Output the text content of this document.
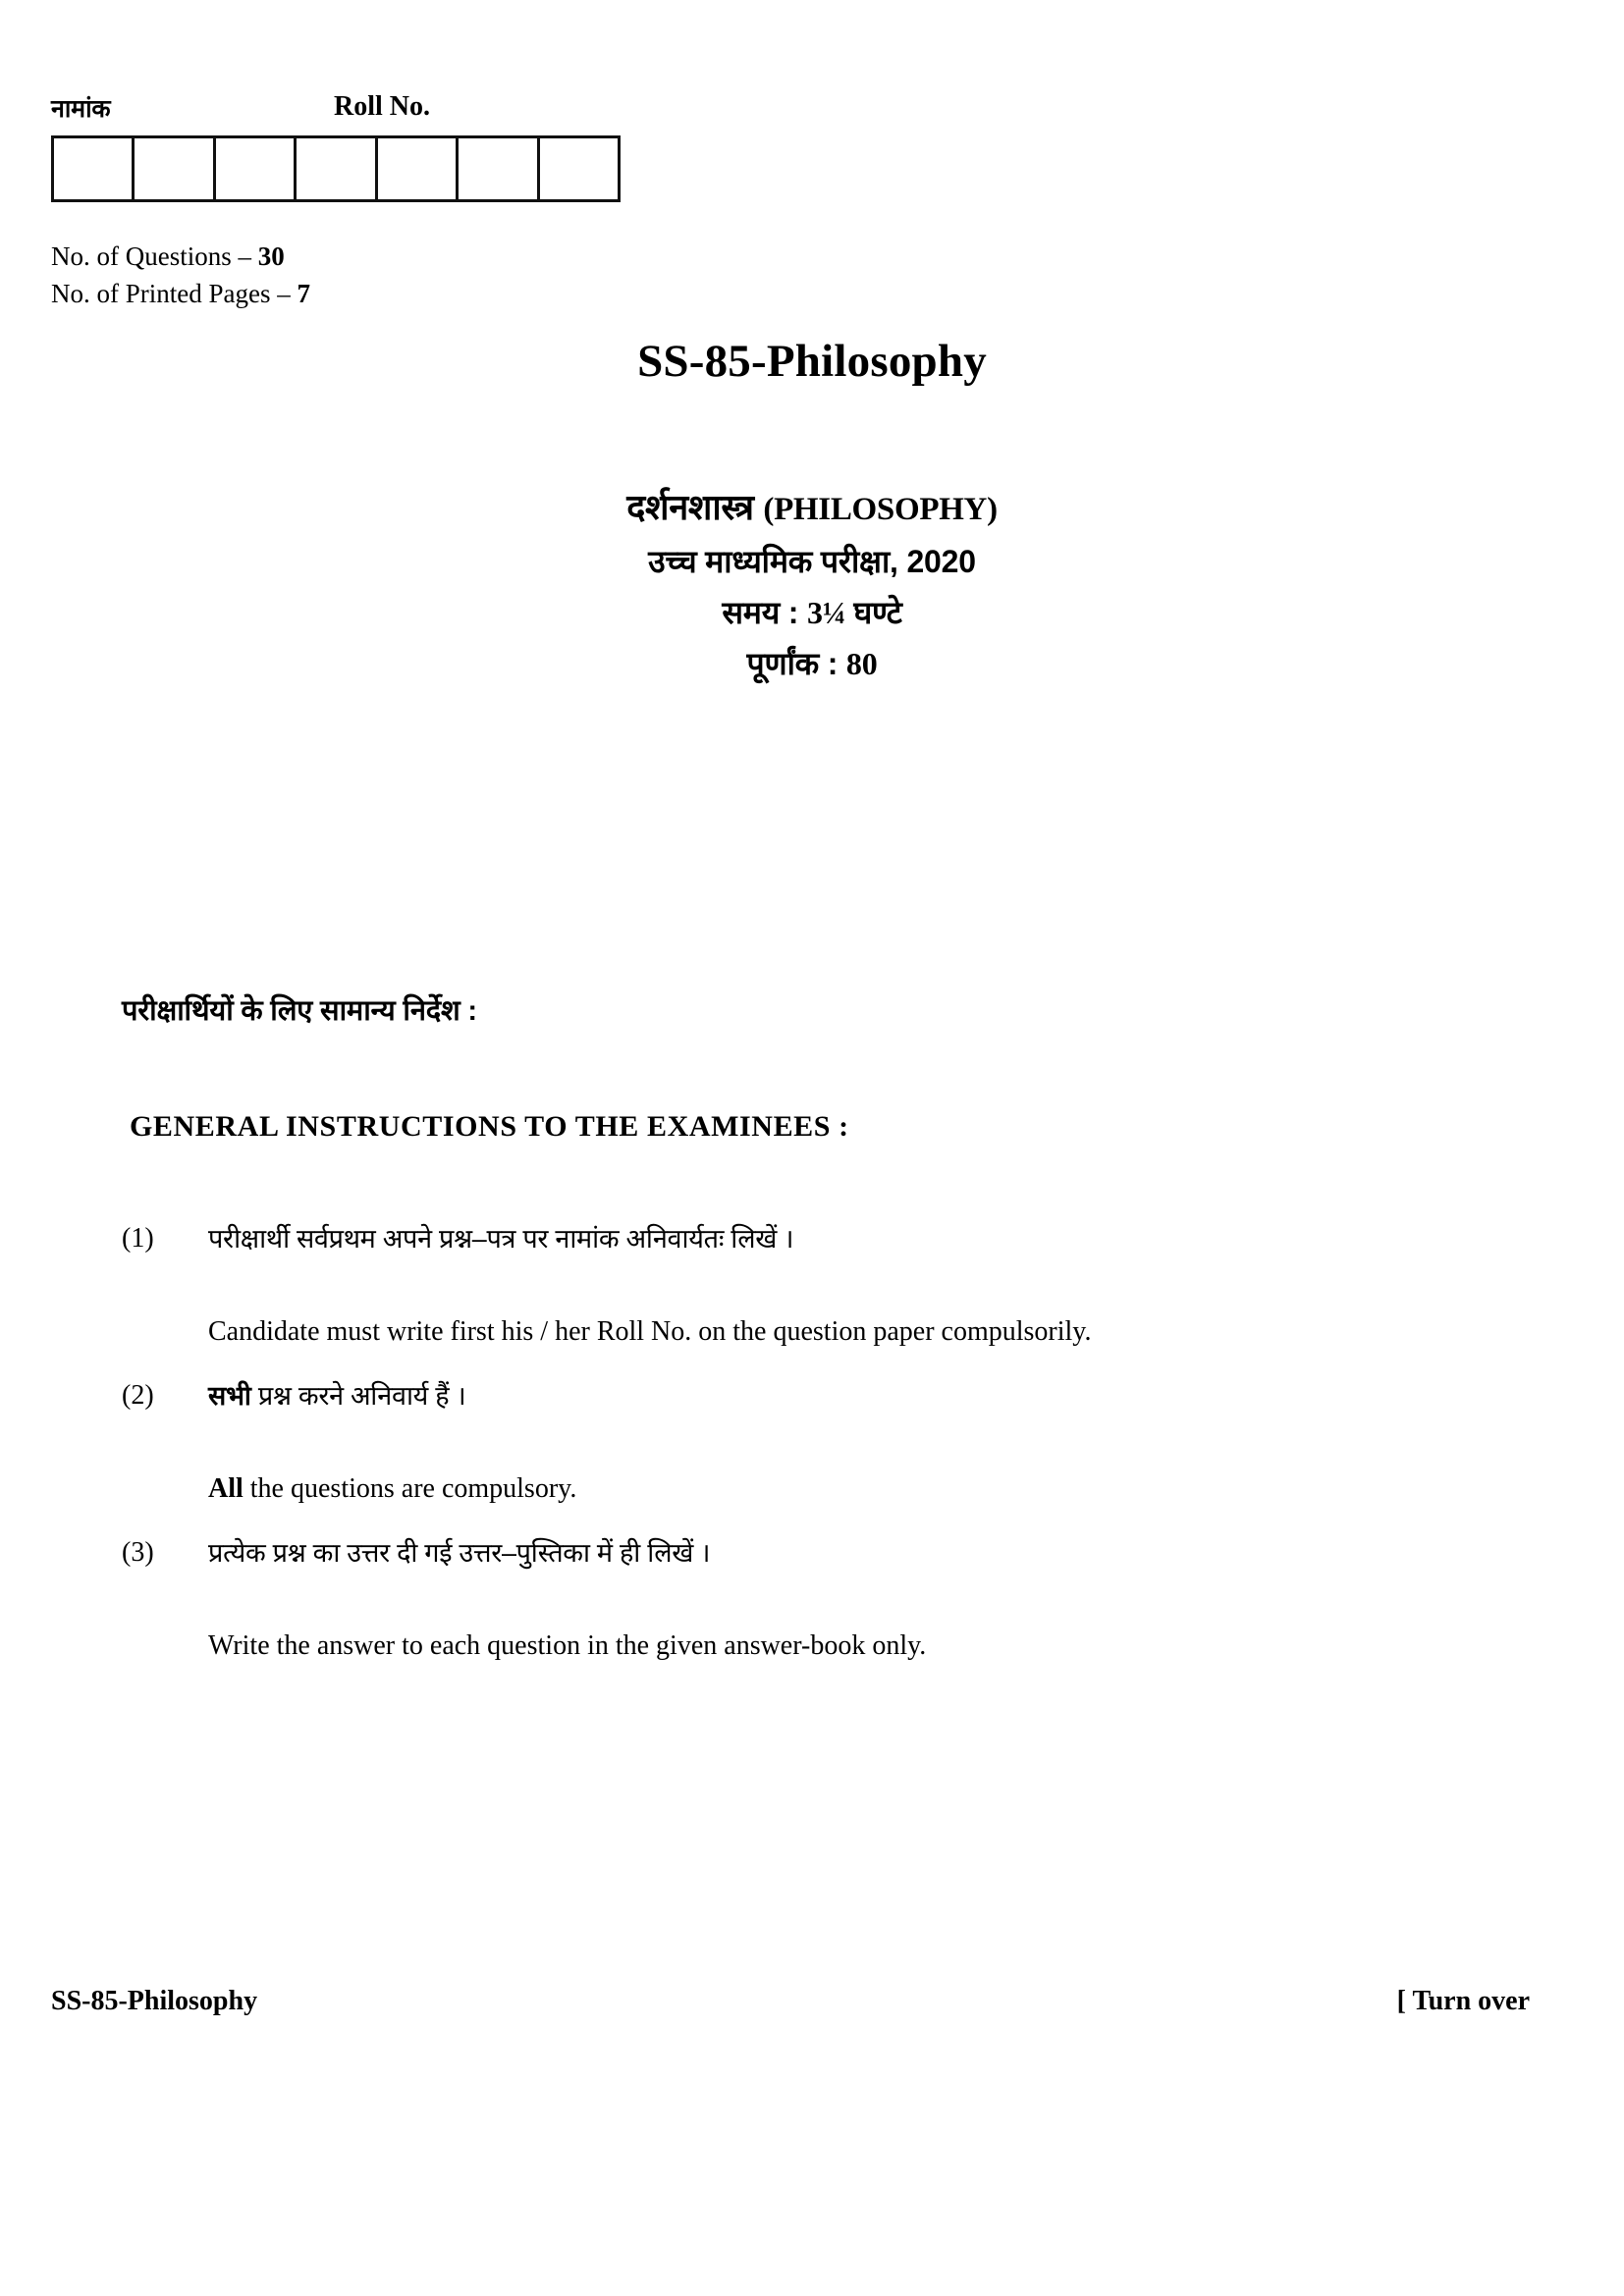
नामांक	Roll No.
No. of Questions – 30
No. of Printed Pages – 7
SS-85-Philosophy
दर्शनशास्त्र (PHILOSOPHY)
उच्च माध्यमिक परीक्षा, 2020
समय : 3¼ घण्टे
पूर्णांक : 80
परीक्षार्थियों के लिए सामान्य निर्देश :
GENERAL INSTRUCTIONS TO THE EXAMINEES :
(1) परीक्षार्थी सर्वप्रथम अपने प्रश्न–पत्र पर नामांक अनिवार्यतः लिखें ।
Candidate must write first his / her Roll No. on the question paper compulsorily.
(2) सभी प्रश्न करने अनिवार्य हैं ।
All the questions are compulsory.
(3) प्रत्येक प्रश्न का उत्तर दी गई उत्तर–पुस्तिका में ही लिखें ।
Write the answer to each question in the given answer-book only.
SS-85-Philosophy	[ Turn over
